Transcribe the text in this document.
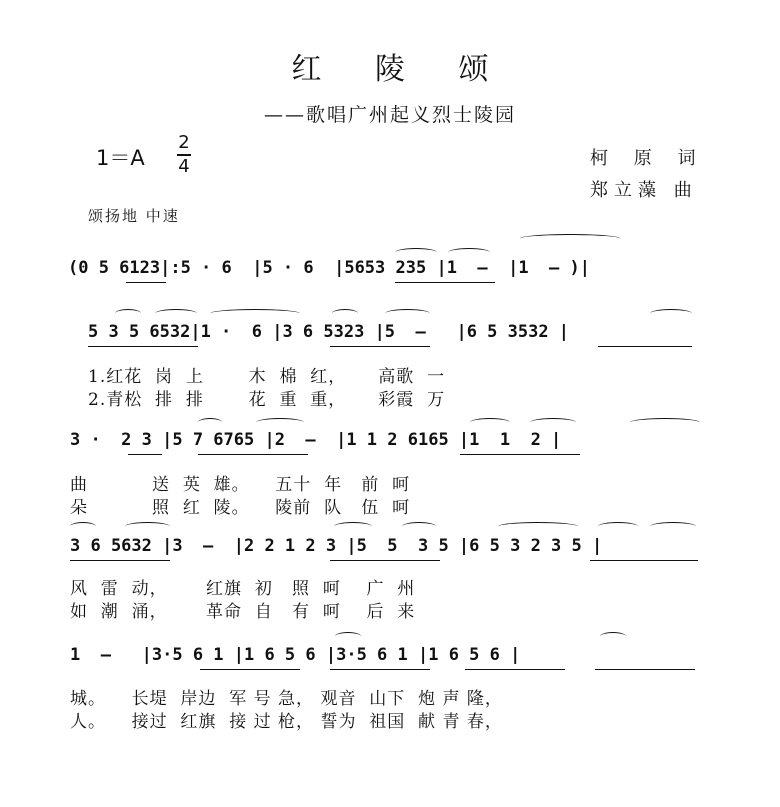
红 陵 颂
——歌唱广州起义烈士陵园
1＝A
2
4	柯 原 词
郑立藻 曲
颂扬地 中速
(0 5 6123|:5 · 6  |5 · 6  |5653 235 |1  —  |1  — )|
5 3 5 6532|1 ·  6 |3 6 5323 |5  —   |6 5 3532 |
1.红花  岗  上       木  棉  红，     高歌  一
2.青松  排  排       花  重  重，     彩霞  万
3 ·  2 3 |5 7 6765 |2  —  |1 1 2 6165 |1  1  2 |
曲          送  英  雄。    五十  年   前  呵
朵          照  红  陵。    陵前  队   伍  呵
3 6 5632 |3  —  |2 2 1 2 3 |5  5  3 5 |6 5 3 2 3 5 |
风  雷  动，      红旗  初   照  呵    广  州
如  潮  涌，      革命  自   有  呵    后  来
1  —   |3·5 6 1 |1 6 5 6 |3·5 6 1 |1 6 5 6 |
城。    长堤  岸边  军 号 急， 观音  山下  炮 声 隆，
人。    接过  红旗  接 过 枪， 誓为  祖国  献 青 春，
